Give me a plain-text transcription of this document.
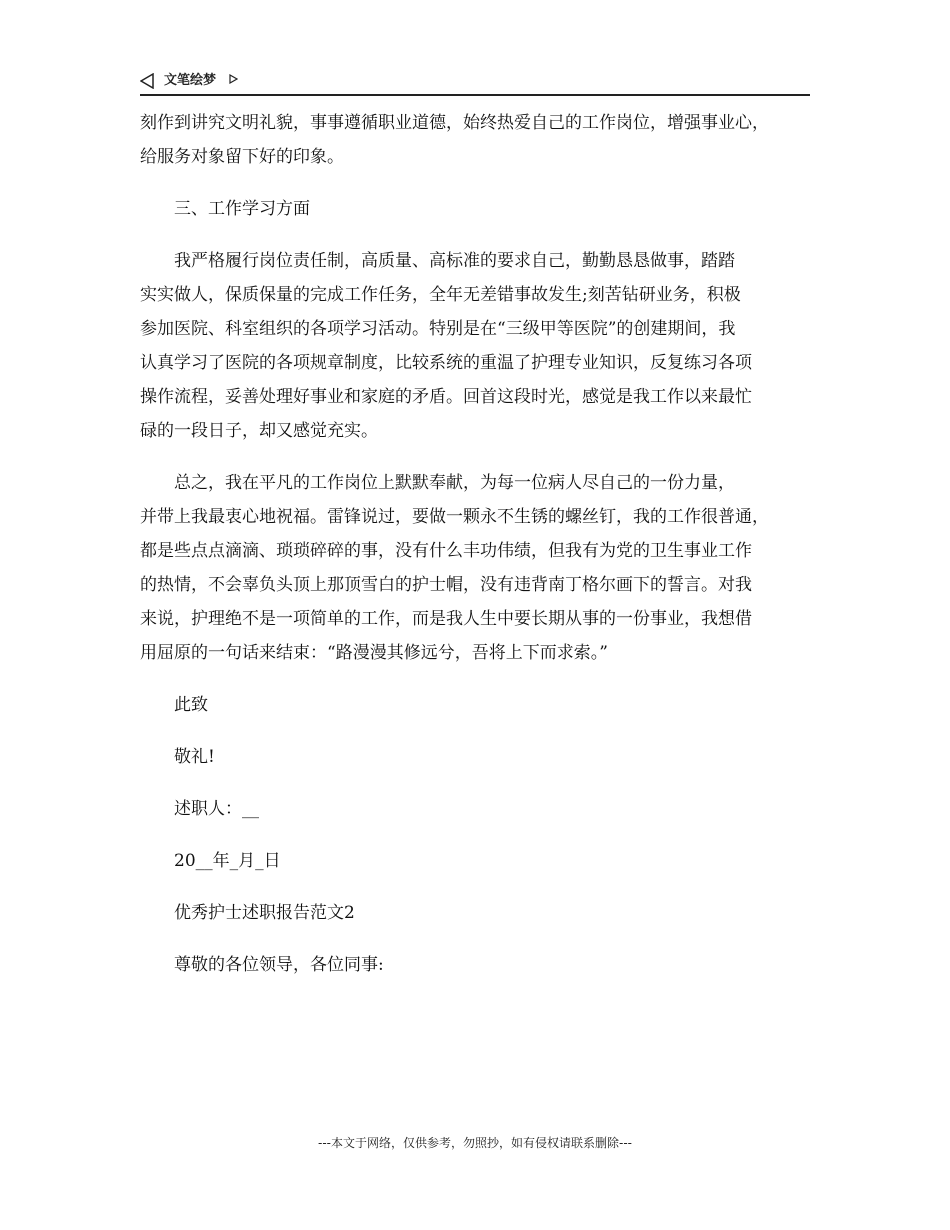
文笔绘梦
刻作到讲究文明礼貌，事事遵循职业道德，始终热爱自己的工作岗位，增强事业心，
给服务对象留下好的印象。
三、工作学习方面
我严格履行岗位责任制，高质量、高标准的要求自己，勤勤恳恳做事，踏踏
实实做人，保质保量的完成工作任务，全年无差错事故发生;刻苦钻研业务，积极
参加医院、科室组织的各项学习活动。特别是在“三级甲等医院”的创建期间，我
认真学习了医院的各项规章制度，比较系统的重温了护理专业知识，反复练习各项
操作流程，妥善处理好事业和家庭的矛盾。回首这段时光，感觉是我工作以来最忙
碌的一段日子，却又感觉充实。
总之，我在平凡的工作岗位上默默奉献，为每一位病人尽自己的一份力量，
并带上我最衷心地祝福。雷锋说过，要做一颗永不生锈的螺丝钉，我的工作很普通，
都是些点点滴滴、琐琐碎碎的事，没有什么丰功伟绩，但我有为党的卫生事业工作
的热情，不会辜负头顶上那顶雪白的护士帽，没有违背南丁格尔画下的誓言。对我
来说，护理绝不是一项简单的工作，而是我人生中要长期从事的一份事业，我想借
用屈原的一句话来结束：“路漫漫其修远兮，吾将上下而求索。”
此致
敬礼!
述职人：__
20__年_月_日
优秀护士述职报告范文2
尊敬的各位领导，各位同事:
---本文于网络，仅供参考，勿照抄，如有侵权请联系删除---
